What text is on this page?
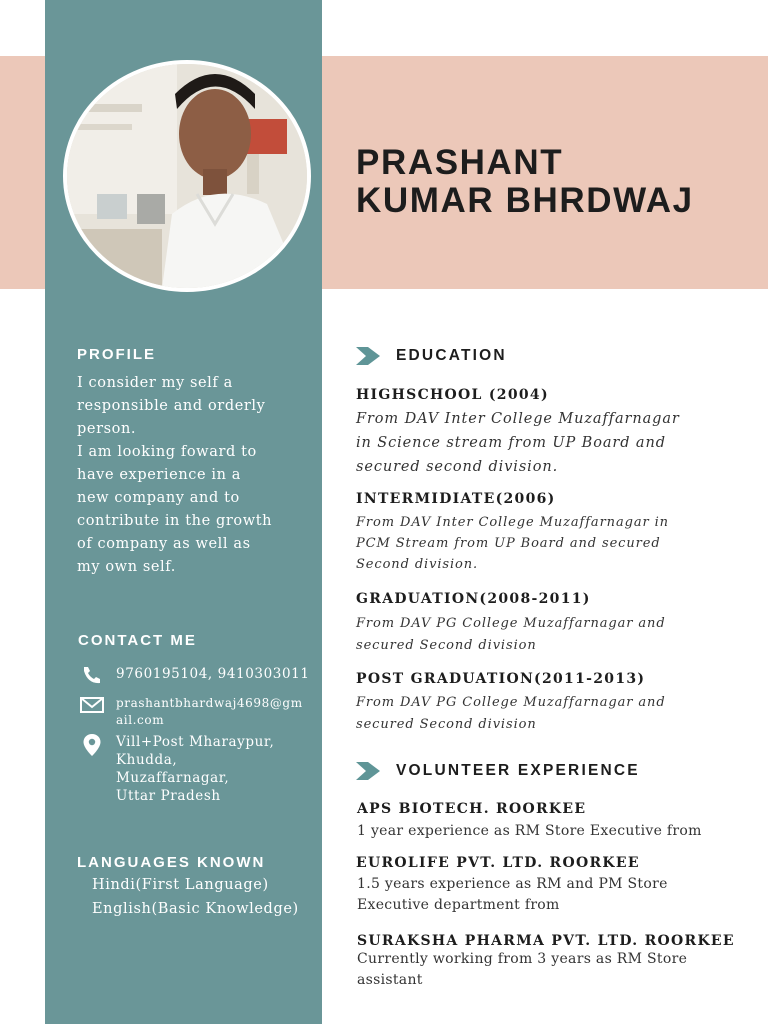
PRASHANT
KUMAR BHRDWAJ
PROFILE

I consider my self a
responsible and orderly
person.
I am looking foward to
have experience in a
new company and to
contribute in the growth
of company as well as
my own self.

CONTACT ME
9760195104, 9410303011
prashantbhardwaj4698@gm
ail.com
Vill+Post Mharaypur,
Khudda,
Muzaffarnagar,
Uttar Pradesh
LANGUAGES KNOWN
Hindi(First Language)
English(Basic Knowledge)
EDUCATION
HIGHSCHOOL (2004)
From DAV Inter College Muzaffarnagar
in Science stream from UP Board and
secured second division.
INTERMIDIATE(2006)
From DAV Inter College Muzaffarnagar in
PCM Stream from UP Board and secured
Second division.
GRADUATION(2008-2011)
From DAV PG College Muzaffarnagar and
secured Second division
POST GRADUATION(2011-2013)
From DAV PG College Muzaffarnagar and
secured Second division
VOLUNTEER EXPERIENCE
APS BIOTECH. ROORKEE
1 year experience as RM Store Executive from
EUROLIFE PVT. LTD. ROORKEE
1.5 years experience as RM and PM Store
Executive department from
SURAKSHA PHARMA PVT. LTD. ROORKEE
Currently working from 3 years as RM Store
assistant
